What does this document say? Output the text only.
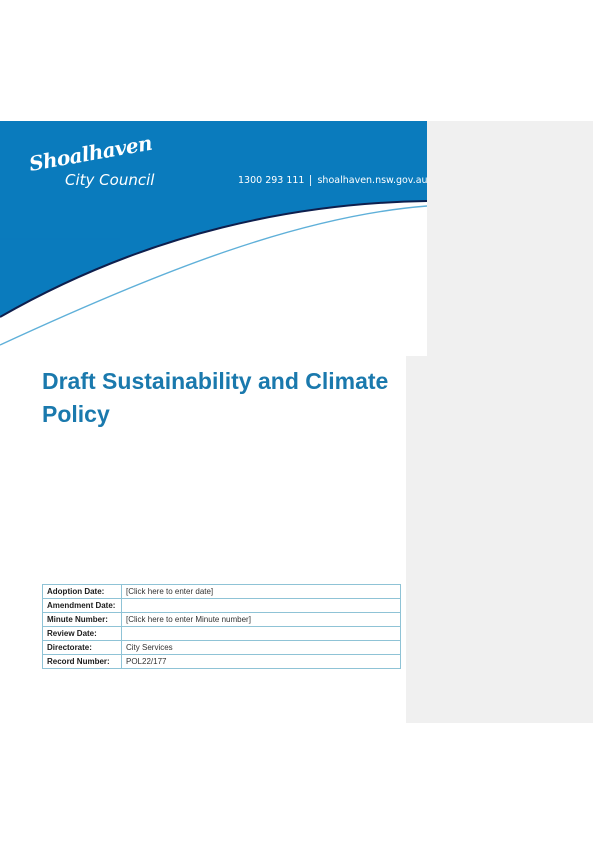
Shoalhaven
City Council	1300 293 111 shoalhaven.nsw.gov.au
Draft Sustainability and Climate Policy
Adoption Date:	[Click here to enter date]
Amendment Date:	
Minute Number:	[Click here to enter Minute number]
Review Date:	
Directorate:	City Services
Record Number:	POL22/177
